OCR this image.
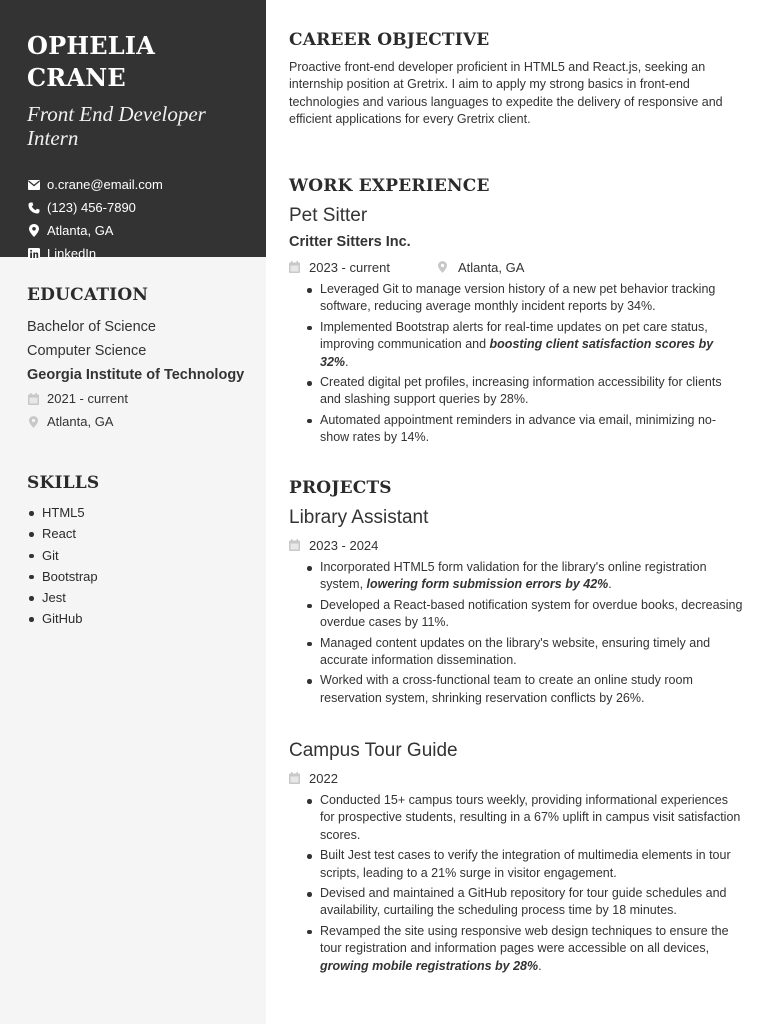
OPHELIA CRANE
Front End Developer
Intern
o.crane@email.com
(123) 456-7890
Atlanta, GA
LinkedIn
EDUCATION
Bachelor of Science
Computer Science
Georgia Institute of Technology
2021 - current
Atlanta, GA
SKILLS
HTML5
React
Git
Bootstrap
Jest
GitHub
CAREER OBJECTIVE
Proactive front-end developer proficient in HTML5 and React.js, seeking an internship position at Gretrix. I aim to apply my strong basics in front-end technologies and various languages to expedite the delivery of responsive and efficient applications for every Gretrix client.
WORK EXPERIENCE
Pet Sitter
Critter Sitters Inc.
2023 - current	Atlanta, GA
Leveraged Git to manage version history of a new pet behavior tracking software, reducing average monthly incident reports by 34%.
Implemented Bootstrap alerts for real-time updates on pet care status, improving communication and boosting client satisfaction scores by 32%.
Created digital pet profiles, increasing information accessibility for clients and slashing support queries by 28%.
Automated appointment reminders in advance via email, minimizing no-show rates by 14%.
PROJECTS
Library Assistant
2023 - 2024
Incorporated HTML5 form validation for the library's online registration system, lowering form submission errors by 42%.
Developed a React-based notification system for overdue books, decreasing overdue cases by 11%.
Managed content updates on the library's website, ensuring timely and accurate information dissemination.
Worked with a cross-functional team to create an online study room reservation system, shrinking reservation conflicts by 26%.
Campus Tour Guide
2022
Conducted 15+ campus tours weekly, providing informational experiences for prospective students, resulting in a 67% uplift in campus visit satisfaction scores.
Built Jest test cases to verify the integration of multimedia elements in tour scripts, leading to a 21% surge in visitor engagement.
Devised and maintained a GitHub repository for tour guide schedules and availability, curtailing the scheduling process time by 18 minutes.
Revamped the site using responsive web design techniques to ensure the tour registration and information pages were accessible on all devices, growing mobile registrations by 28%.
